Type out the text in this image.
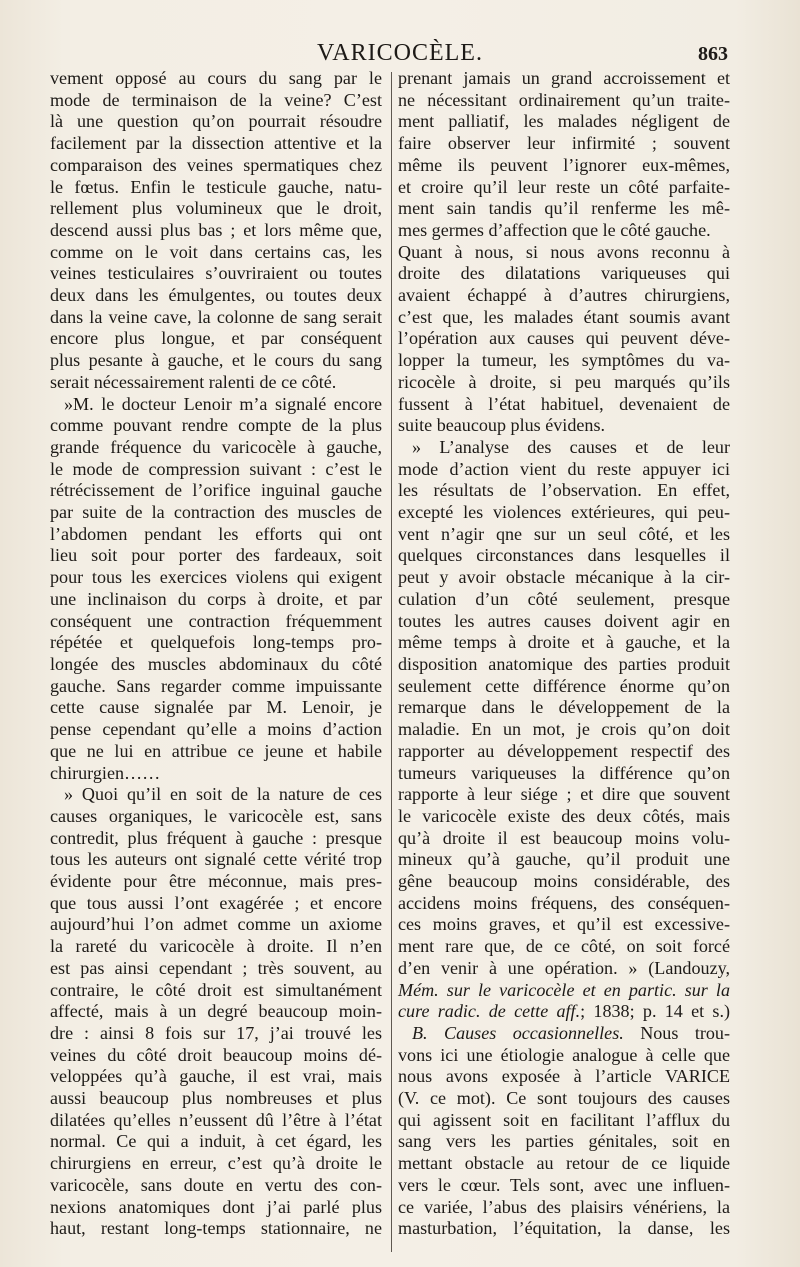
VARICOCÈLE.	863
vement opposé au cours du sang par le
mode de terminaison de la veine? C’est
là une question qu’on pourrait résoudre
facilement par la dissection attentive et la
comparaison des veines spermatiques chez
le fœtus. Enfin le testicule gauche, natu-
rellement plus volumineux que le droit,
descend aussi plus bas ; et lors même que,
comme on le voit dans certains cas, les
veines testiculaires s’ouvriraient ou toutes
deux dans les émulgentes, ou toutes deux
dans la veine cave, la colonne de sang serait
encore plus longue, et par conséquent
plus pesante à gauche, et le cours du sang
serait nécessairement ralenti de ce côté.
»M. le docteur Lenoir m’a signalé encore
comme pouvant rendre compte de la plus
grande fréquence du varicocèle à gauche,
le mode de compression suivant : c’est le
rétrécissement de l’orifice inguinal gauche
par suite de la contraction des muscles de
l’abdomen pendant les efforts qui ont
lieu soit pour porter des fardeaux, soit
pour tous les exercices violens qui exigent
une inclinaison du corps à droite, et par
conséquent une contraction fréquemment
répétée et quelquefois long-temps pro-
longée des muscles abdominaux du côté
gauche. Sans regarder comme impuissante
cette cause signalée par M. Lenoir, je
pense cependant qu’elle a moins d’action
que ne lui en attribue ce jeune et habile
chirurgien……
» Quoi qu’il en soit de la nature de ces
causes organiques, le varicocèle est, sans
contredit, plus fréquent à gauche : presque
tous les auteurs ont signalé cette vérité trop
évidente pour être méconnue, mais pres-
que tous aussi l’ont exagérée ; et encore
aujourd’hui l’on admet comme un axiome
la rareté du varicocèle à droite. Il n’en
est pas ainsi cependant ; très souvent, au
contraire, le côté droit est simultanément
affecté, mais à un degré beaucoup moin-
dre : ainsi 8 fois sur 17, j’ai trouvé les
veines du côté droit beaucoup moins dé-
veloppées qu’à gauche, il est vrai, mais
aussi beaucoup plus nombreuses et plus
dilatées qu’elles n’eussent dû l’être à l’état
normal. Ce qui a induit, à cet égard, les
chirurgiens en erreur, c’est qu’à droite le
varicocèle, sans doute en vertu des con-
nexions anatomiques dont j’ai parlé plus
haut, restant long-temps stationnaire, ne
prenant jamais un grand accroissement et
ne nécessitant ordinairement qu’un traite-
ment palliatif, les malades négligent de
faire observer leur infirmité ; souvent
même ils peuvent l’ignorer eux-mêmes,
et croire qu’il leur reste un côté parfaite-
ment sain tandis qu’il renferme les mê-
mes germes d’affection que le côté gauche.
Quant à nous, si nous avons reconnu à
droite des dilatations variqueuses qui
avaient échappé à d’autres chirurgiens,
c’est que, les malades étant soumis avant
l’opération aux causes qui peuvent déve-
lopper la tumeur, les symptômes du va-
ricocèle à droite, si peu marqués qu’ils
fussent à l’état habituel, devenaient de
suite beaucoup plus évidens.
» L’analyse des causes et de leur
mode d’action vient du reste appuyer ici
les résultats de l’observation. En effet,
excepté les violences extérieures, qui peu-
vent n’agir qne sur un seul côté, et les
quelques circonstances dans lesquelles il
peut y avoir obstacle mécanique à la cir-
culation d’un côté seulement, presque
toutes les autres causes doivent agir en
même temps à droite et à gauche, et la
disposition anatomique des parties produit
seulement cette différence énorme qu’on
remarque dans le développement de la
maladie. En un mot, je crois qu’on doit
rapporter au développement respectif des
tumeurs variqueuses la différence qu’on
rapporte à leur siége ; et dire que souvent
le varicocèle existe des deux côtés, mais
qu’à droite il est beaucoup moins volu-
mineux qu’à gauche, qu’il produit une
gêne beaucoup moins considérable, des
accidens moins fréquens, des conséquen-
ces moins graves, et qu’il est excessive-
ment rare que, de ce côté, on soit forcé
d’en venir à une opération. » (Landouzy,
Mém. sur le varicocèle et en partic. sur la
cure radic. de cette aff.; 1838; p. 14 et s.)
B. Causes occasionnelles. Nous trou-
vons ici une étiologie analogue à celle que
nous avons exposée à l’article VARICE
(V. ce mot). Ce sont toujours des causes
qui agissent soit en facilitant l’afflux du
sang vers les parties génitales, soit en
mettant obstacle au retour de ce liquide
vers le cœur. Tels sont, avec une influen-
ce variée, l’abus des plaisirs vénériens, la
masturbation, l’équitation, la danse, les
